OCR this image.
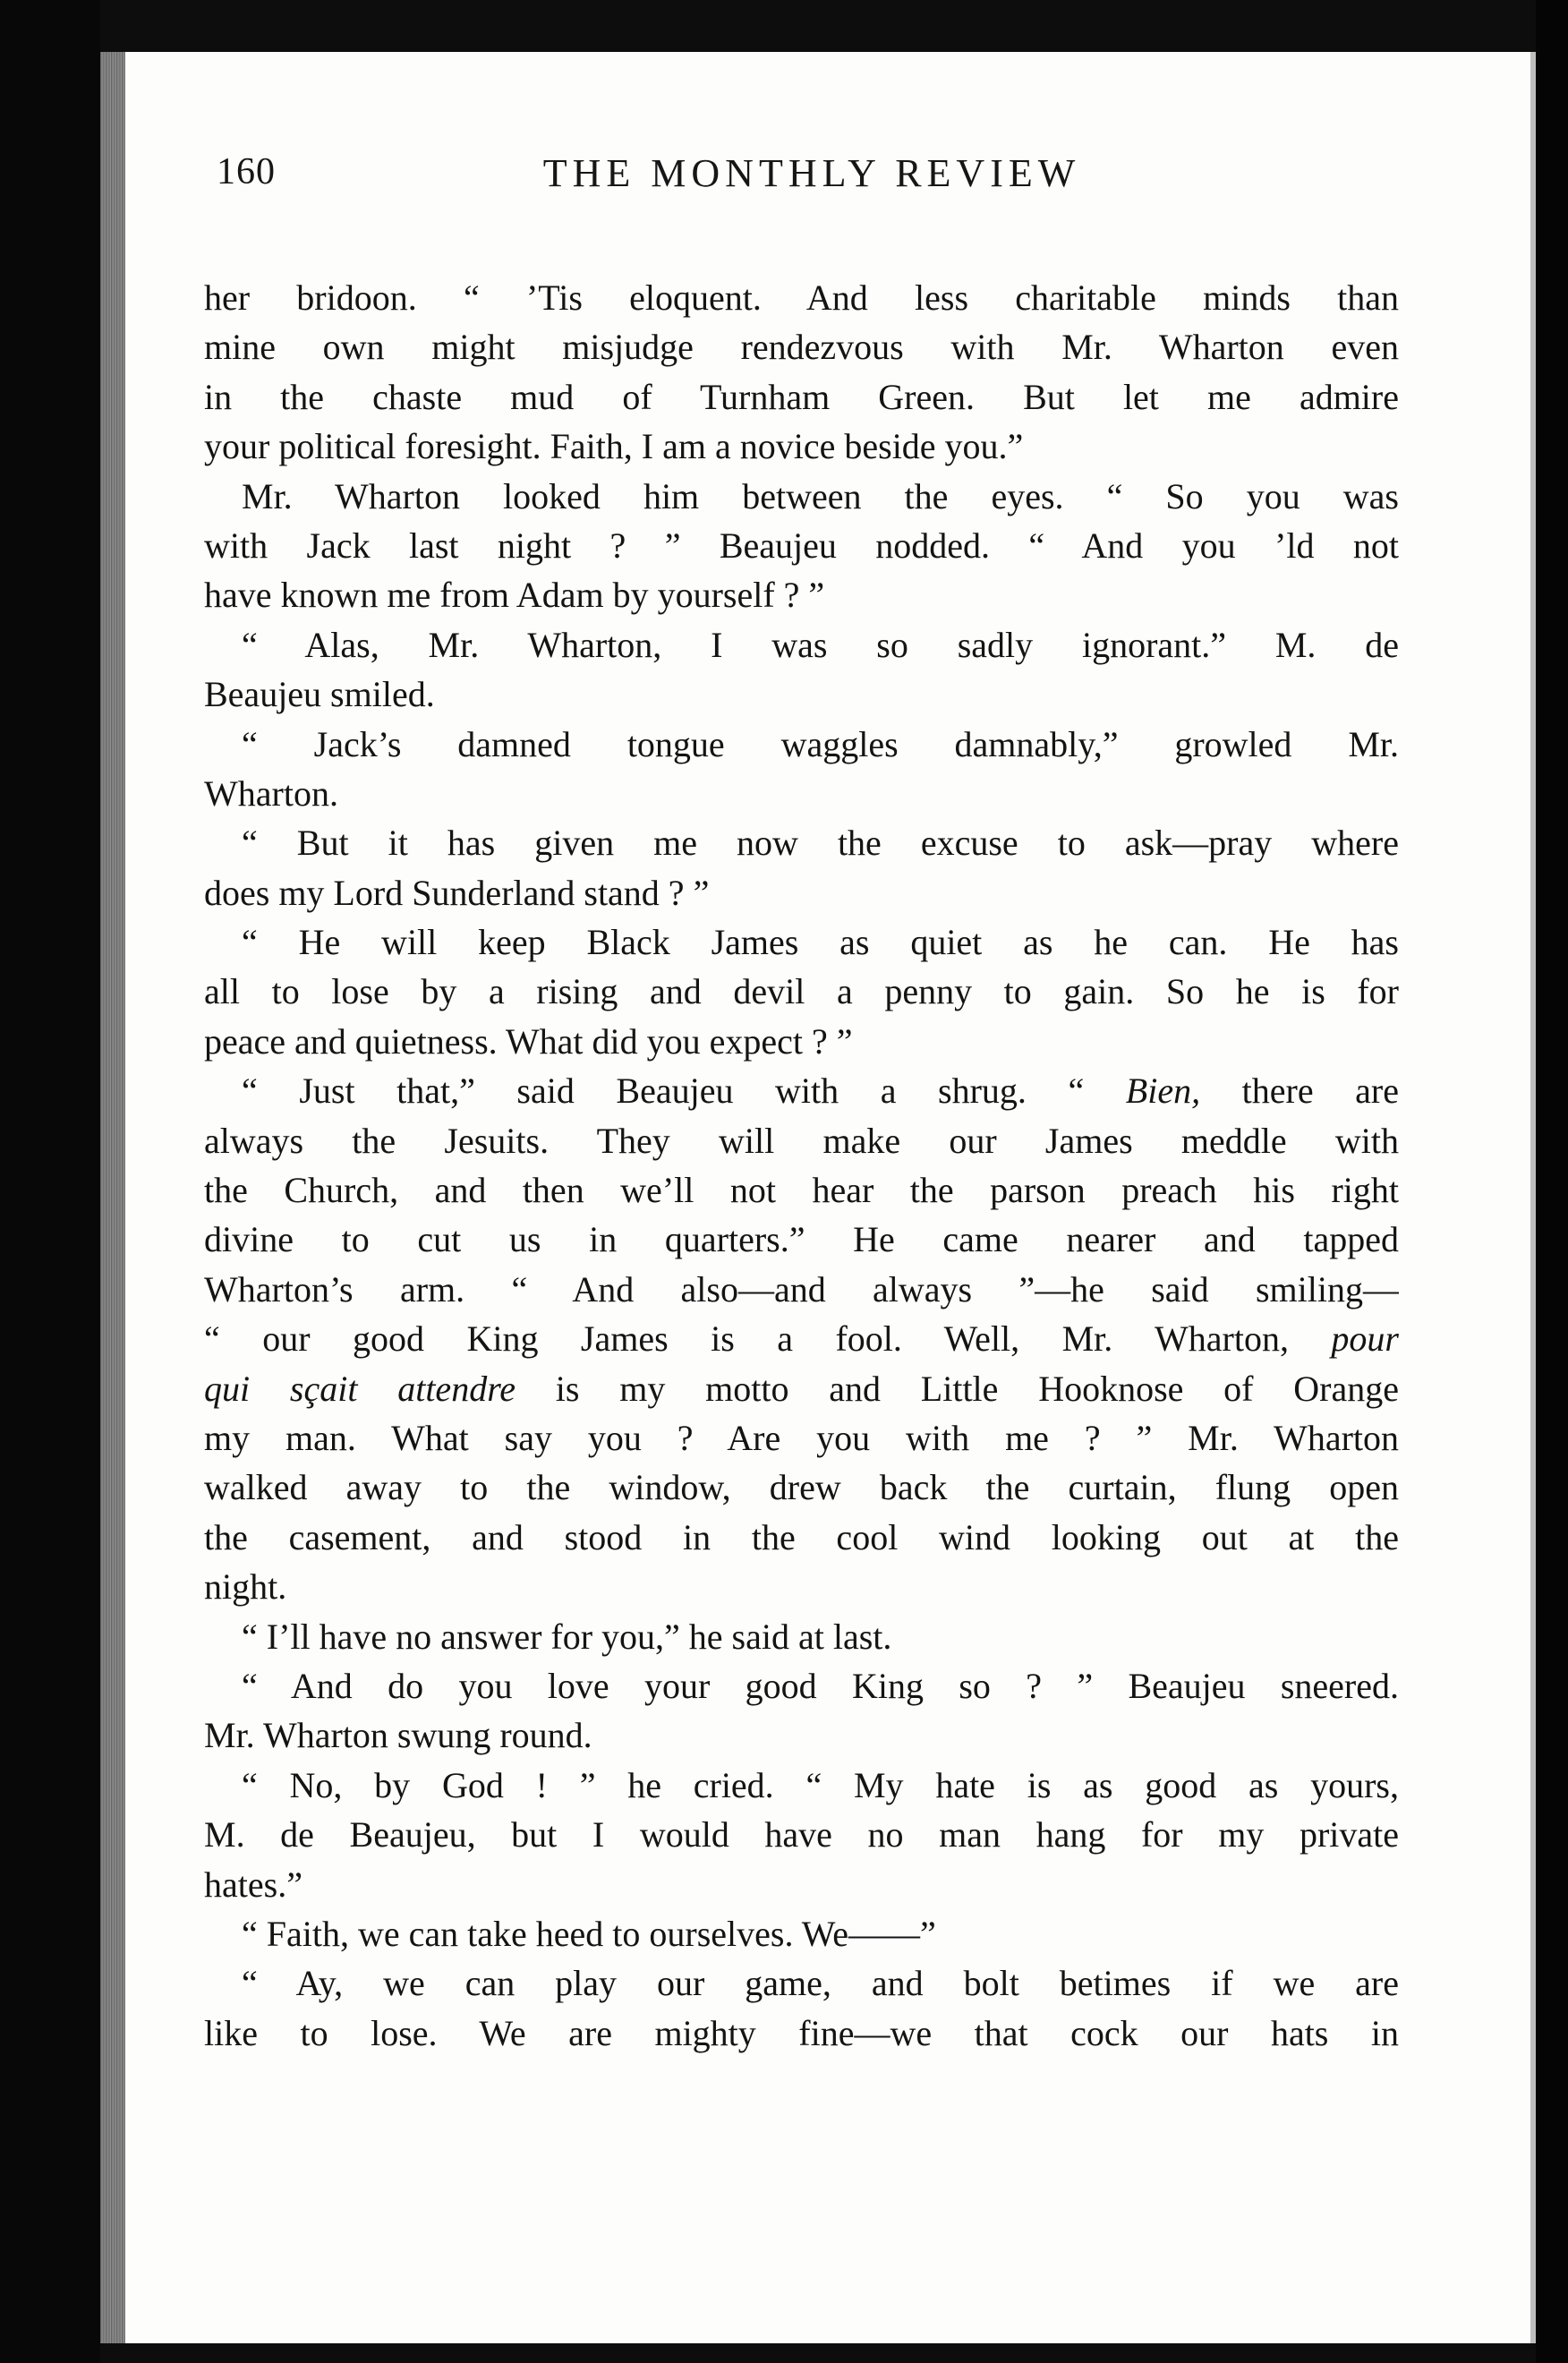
160	THE MONTHLY REVIEW
her bridoon. “ ’Tis eloquent. And less charitable minds than
mine own might misjudge rendezvous with Mr. Wharton even
in the chaste mud of Turnham Green. But let me admire
your political foresight. Faith, I am a novice beside you.”
Mr. Wharton looked him between the eyes. “ So you was
with Jack last night ? ” Beaujeu nodded. “ And you ’ld not
have known me from Adam by yourself ? ”
“ Alas, Mr. Wharton, I was so sadly ignorant.” M. de
Beaujeu smiled.
“ Jack’s damned tongue waggles damnably,” growled Mr.
Wharton.
“ But it has given me now the excuse to ask—pray where
does my Lord Sunderland stand ? ”
“ He will keep Black James as quiet as he can. He has
all to lose by a rising and devil a penny to gain. So he is for
peace and quietness. What did you expect ? ”
“ Just that,” said Beaujeu with a shrug. “ Bien, there are
always the Jesuits. They will make our James meddle with
the Church, and then we’ll not hear the parson preach his right
divine to cut us in quarters.” He came nearer and tapped
Wharton’s arm. “ And also—and always ”—he said smiling—
“ our good King James is a fool. Well, Mr. Wharton, pour
qui sçait attendre is my motto and Little Hooknose of Orange
my man. What say you ? Are you with me ? ” Mr. Wharton
walked away to the window, drew back the curtain, flung open
the casement, and stood in the cool wind looking out at the
night.
“ I’ll have no answer for you,” he said at last.
“ And do you love your good King so ? ” Beaujeu sneered.
Mr. Wharton swung round.
“ No, by God ! ” he cried. “ My hate is as good as yours,
M. de Beaujeu, but I would have no man hang for my private
hates.”
“ Faith, we can take heed to ourselves. We——”
“ Ay, we can play our game, and bolt betimes if we are
like to lose. We are mighty fine—we that cock our hats in
